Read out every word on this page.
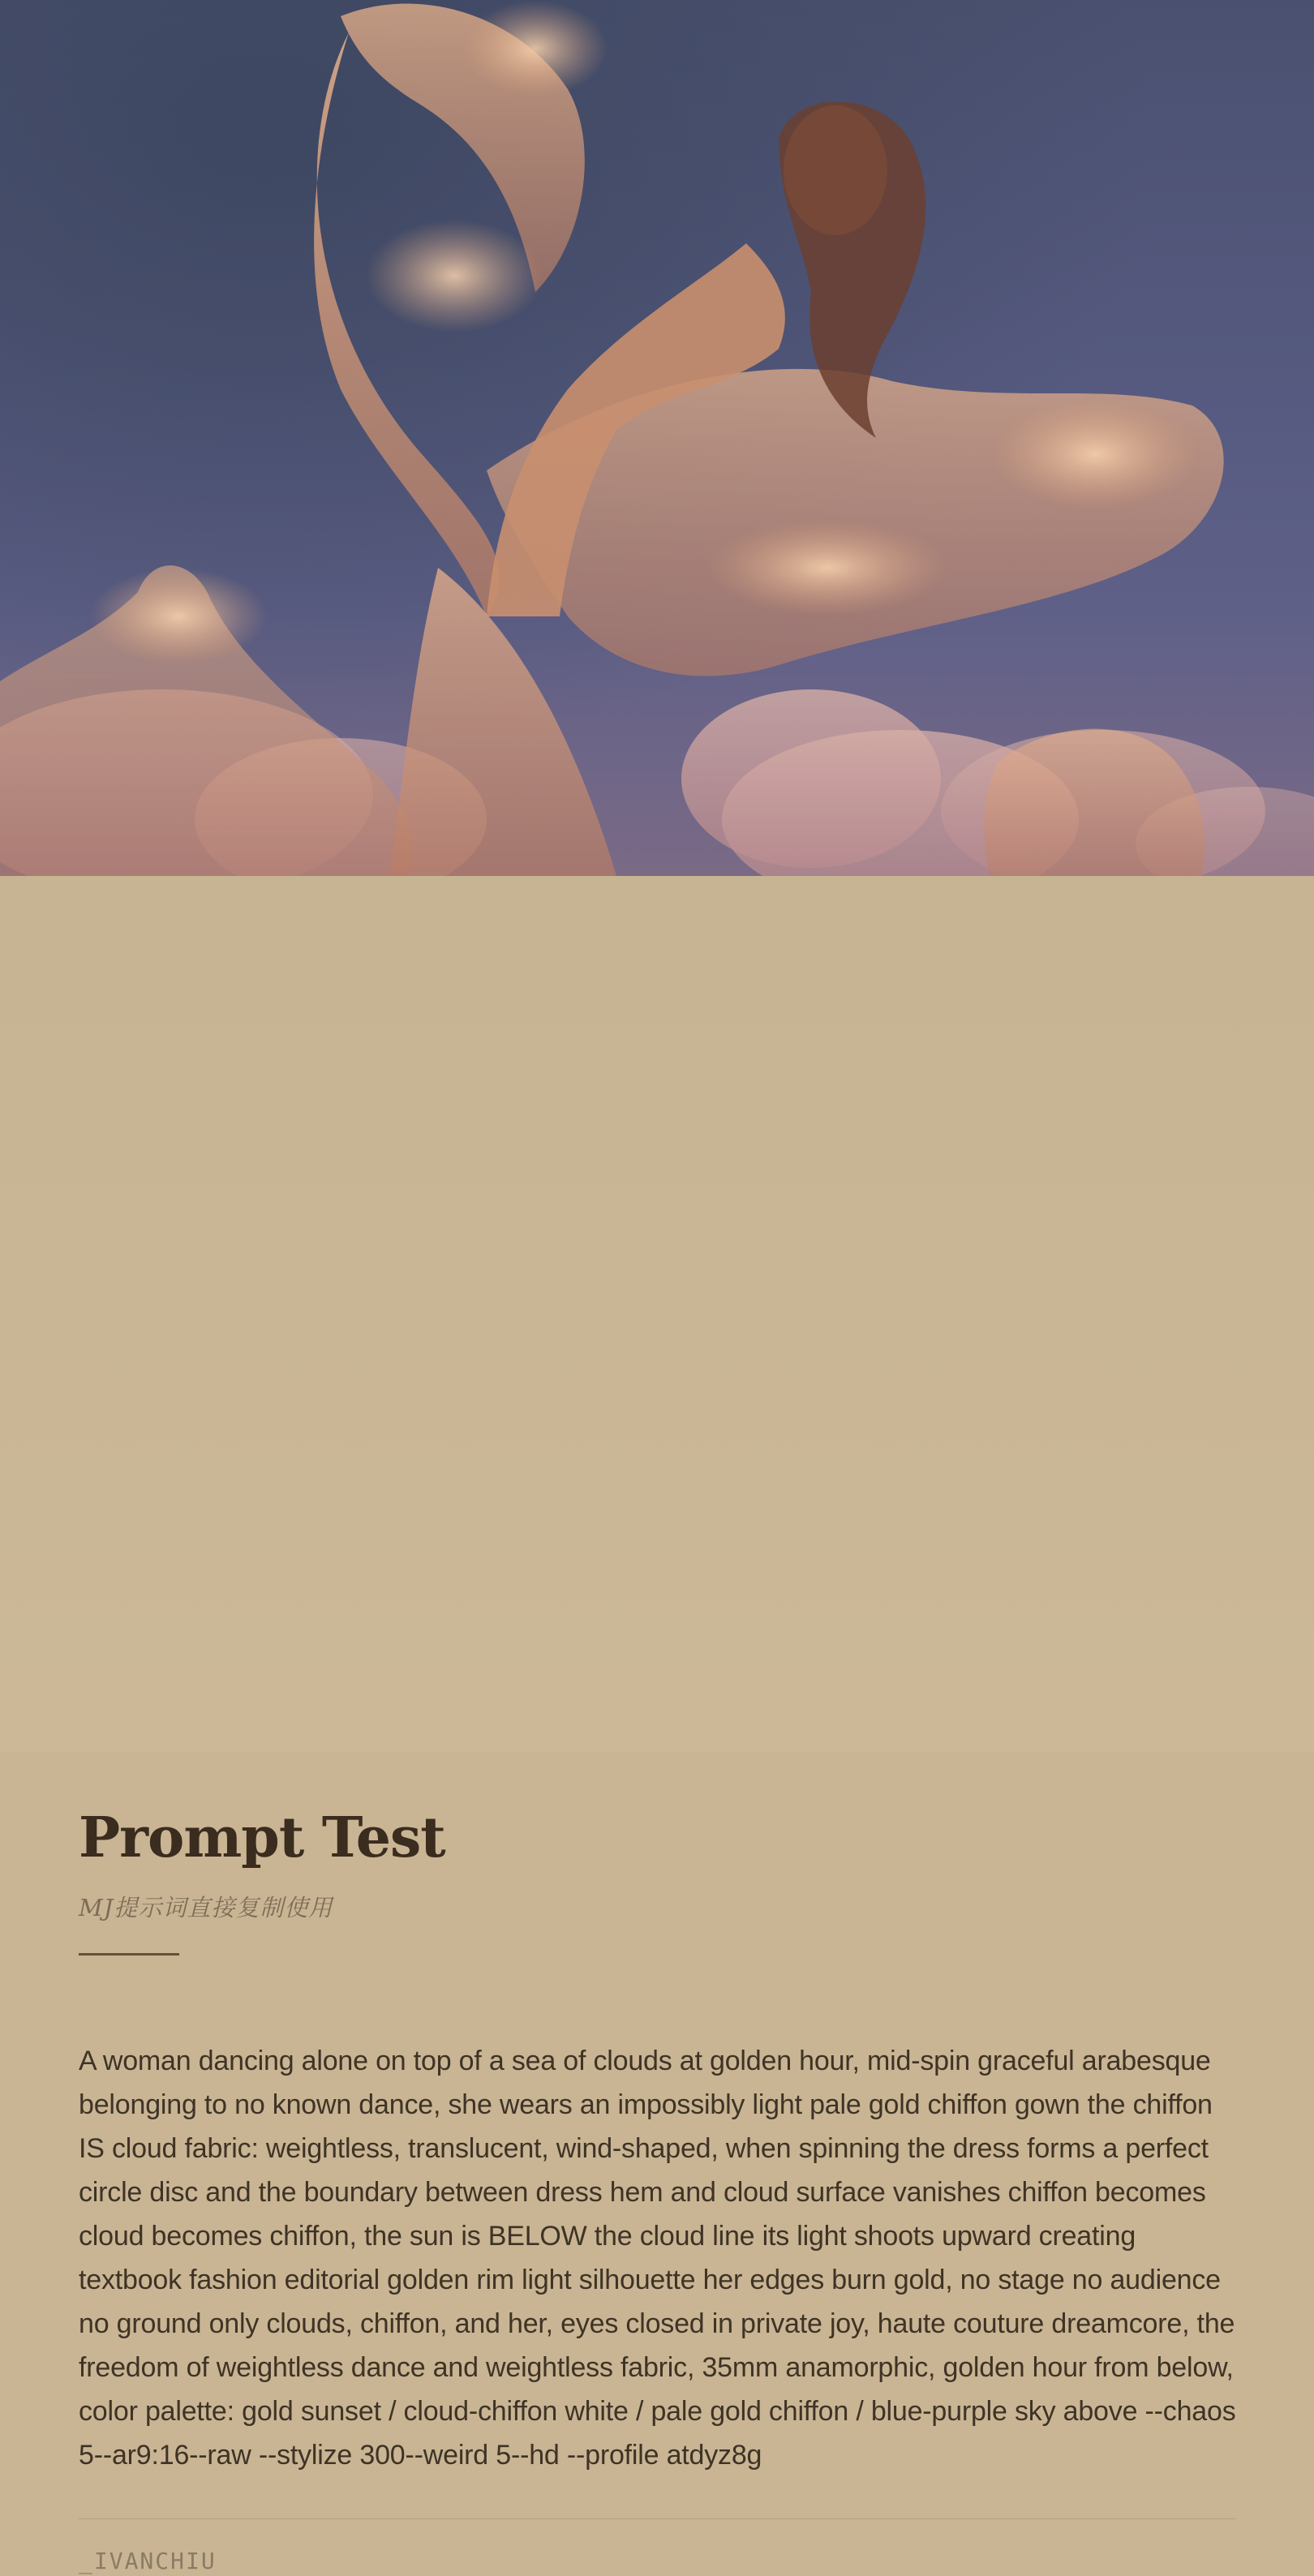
Prompt Test
MJ提示词直接复制使用

A woman dancing alone on top of a sea of clouds at golden hour, mid-spin graceful arabesque belonging to no known dance, she wears an impossibly light pale gold chiffon gown the chiffon IS cloud fabric: weightless, translucent, wind-shaped, when spinning the dress forms a perfect circle disc and the boundary between dress hem and cloud surface vanishes chiffon becomes cloud becomes chiffon, the sun is BELOW the cloud line its light shoots upward creating textbook fashion editorial golden rim light silhouette her edges burn gold, no stage no audience no ground only clouds, chiffon, and her, eyes closed in private joy, haute couture dreamcore, the freedom of weightless dance and weightless fabric, 35mm anamorphic, golden hour from below, color palette: gold sunset / cloud-chiffon white / pale gold chiffon / blue-purple sky above --chaos 5--ar9:16--raw --stylize 300--weird 5--hd --profile atdyz8g

_IVANCHIU
